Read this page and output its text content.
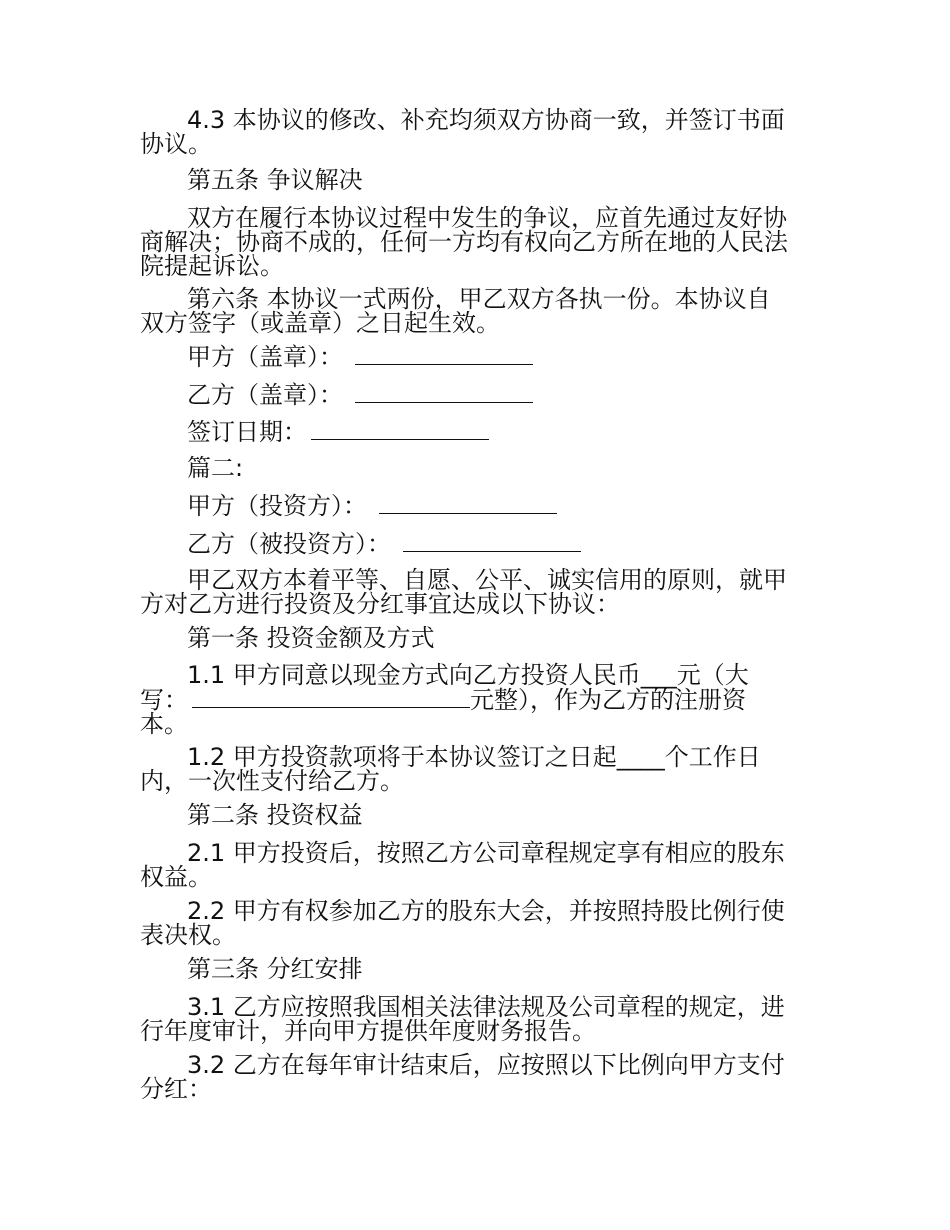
4.3 本协议的修改、补充均须双方协商一致，并签订书面
协议。
第五条 争议解决
双方在履行本协议过程中发生的争议，应首先通过友好协
商解决；协商不成的，任何一方均有权向乙方所在地的人民法
院提起诉讼。
第六条 本协议一式两份，甲乙双方各执一份。本协议自
双方签字（或盖章）之日起生效。
甲方（盖章）：
乙方（盖章）：
签订日期：
篇二:
甲方（投资方）：
乙方（被投资方）：
甲乙双方本着平等、自愿、公平、诚实信用的原则，就甲
方对乙方进行投资及分红事宜达成以下协议：
第一条 投资金额及方式
1.1 甲方同意以现金方式向乙方投资人民币___元（大
写：	元整），作为乙方的注册资
本。
1.2 甲方投资款项将于本协议签订之日起____个工作日
内，一次性支付给乙方。
第二条 投资权益
2.1 甲方投资后，按照乙方公司章程规定享有相应的股东
权益。
2.2 甲方有权参加乙方的股东大会，并按照持股比例行使
表决权。
第三条 分红安排
3.1 乙方应按照我国相关法律法规及公司章程的规定，进
行年度审计，并向甲方提供年度财务报告。
3.2 乙方在每年审计结束后，应按照以下比例向甲方支付
分红：
